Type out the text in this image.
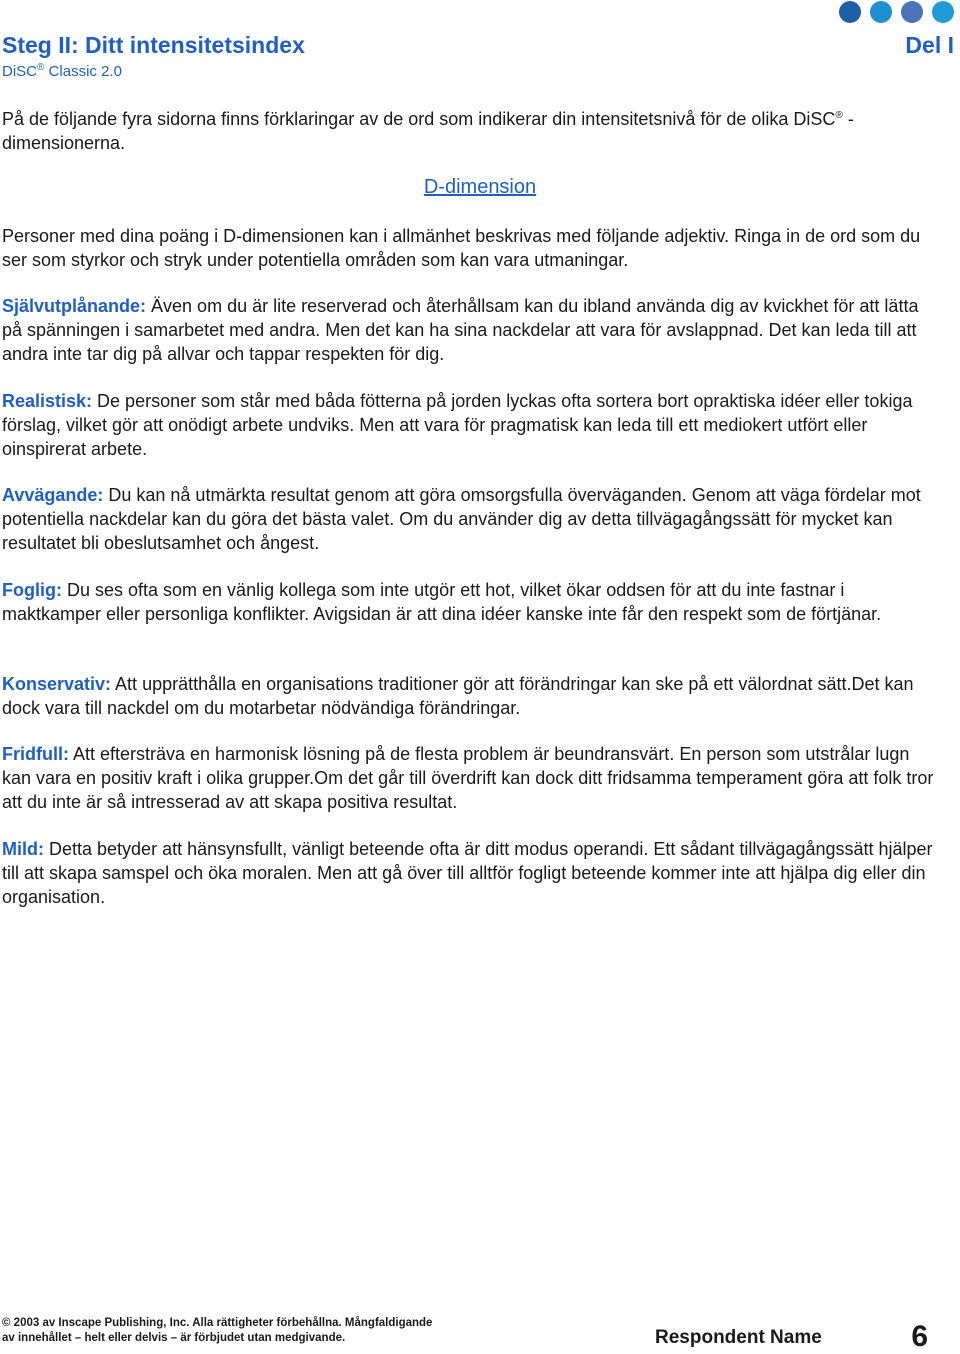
Steg II: Ditt intensitetsindex
DiSC® Classic 2.0
Del I
På de följande fyra sidorna finns förklaringar av de ord som indikerar din intensitetsnivå för de olika DiSC® -dimensionerna.
D-dimension
Personer med dina poäng i D-dimensionen kan i allmänhet beskrivas med följande adjektiv. Ringa in de ord som du ser som styrkor och stryk under potentiella områden som kan vara utmaningar.
Självutplånande: Även om du är lite reserverad och återhållsam kan du ibland använda dig av kvickhet för att lätta på spänningen i samarbetet med andra. Men det kan ha sina nackdelar att vara för avslappnad. Det kan leda till att andra inte tar dig på allvar och tappar respekten för dig.
Realistisk: De personer som står med båda fötterna på jorden lyckas ofta sortera bort opraktiska idéer eller tokiga förslag, vilket gör att onödigt arbete undviks. Men att vara för pragmatisk kan leda till ett mediokert utfört eller oinspirerat arbete.
Avvägande: Du kan nå utmärkta resultat genom att göra omsorgsfulla överväganden. Genom att väga fördelar mot potentiella nackdelar kan du göra det bästa valet. Om du använder dig av detta tillvägagångssätt för mycket kan resultatet bli obeslutsamhet och ångest.
Foglig: Du ses ofta som en vänlig kollega som inte utgör ett hot, vilket ökar oddsen för att du inte fastnar i maktkamper eller personliga konflikter. Avigsidan är att dina idéer kanske inte får den respekt som de förtjänar.
Konservativ: Att upprätthålla en organisations traditioner gör att förändringar kan ske på ett välordnat sätt.Det kan dock vara till nackdel om du motarbetar nödvändiga förändringar.
Fridfull: Att eftersträva en harmonisk lösning på de flesta problem är beundransvärt. En person som utstrålar lugn kan vara en positiv kraft i olika grupper.Om det går till överdrift kan dock ditt fridsamma temperament göra att folk tror att du inte är så intresserad av att skapa positiva resultat.
Mild: Detta betyder att hänsynsfullt, vänligt beteende ofta är ditt modus operandi. Ett sådant tillvägagångssätt hjälper till att skapa samspel och öka moralen. Men att gå över till alltför fogligt beteende kommer inte att hjälpa dig eller din organisation.
© 2003 av Inscape Publishing, Inc. Alla rättigheter förbehållna. Mångfaldigande
av innehållet – helt eller delvis – är förbjudet utan medgivande.	Respondent Name	6
